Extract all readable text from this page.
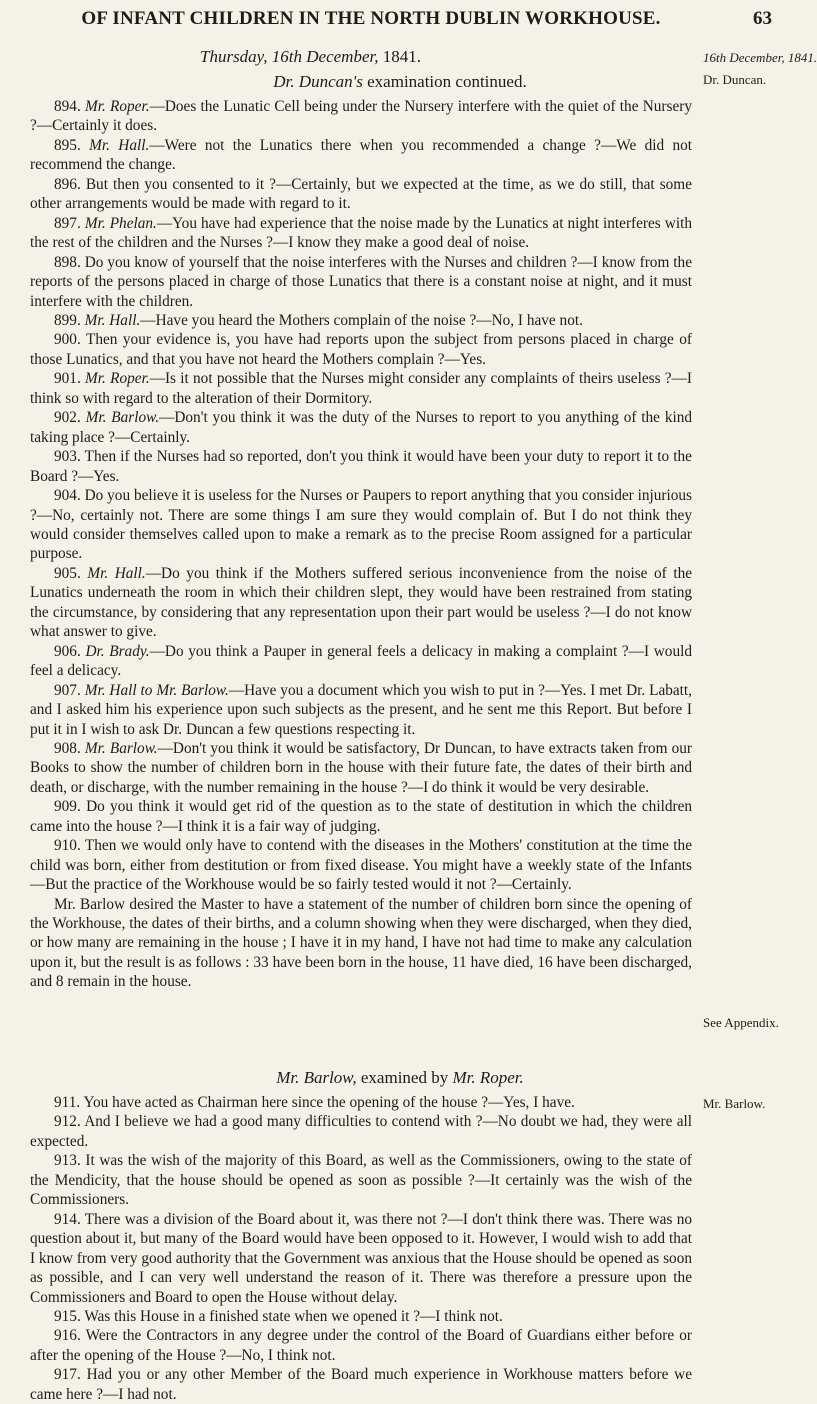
OF INFANT CHILDREN IN THE NORTH DUBLIN WORKHOUSE.	63
Thursday, 16th December, 1841.	16th December, 1841.
Dr. Duncan.
See Appendix.
Mr. Barlow.
Dr. Duncan's examination continued.

894. Mr. Roper.—Does the Lunatic Cell being under the Nursery interfere with the quiet of the Nursery ?—Certainly it does.

895. Mr. Hall.—Were not the Lunatics there when you recommended a change ?—We did not recommend the change.

896. But then you consented to it ?—Certainly, but we expected at the time, as we do still, that some other arrangements would be made with regard to it.

897. Mr. Phelan.—You have had experience that the noise made by the Lunatics at night interferes with the rest of the children and the Nurses ?—I know they make a good deal of noise.

898. Do you know of yourself that the noise interferes with the Nurses and children ?—I know from the reports of the persons placed in charge of those Lunatics that there is a constant noise at night, and it must interfere with the children.

899. Mr. Hall.—Have you heard the Mothers complain of the noise ?—No, I have not.

900. Then your evidence is, you have had reports upon the subject from persons placed in charge of those Lunatics, and that you have not heard the Mothers complain ?—Yes.

901. Mr. Roper.—Is it not possible that the Nurses might consider any complaints of theirs useless ?—I think so with regard to the alteration of their Dormitory.

902. Mr. Barlow.—Don't you think it was the duty of the Nurses to report to you anything of the kind taking place ?—Certainly.

903. Then if the Nurses had so reported, don't you think it would have been your duty to report it to the Board ?—Yes.

904. Do you believe it is useless for the Nurses or Paupers to report anything that you consider injurious ?—No, certainly not. There are some things I am sure they would complain of. But I do not think they would consider themselves called upon to make a remark as to the precise Room assigned for a particular purpose.

905. Mr. Hall.—Do you think if the Mothers suffered serious inconvenience from the noise of the Lunatics underneath the room in which their children slept, they would have been restrained from stating the circumstance, by considering that any representation upon their part would be useless ?—I do not know what answer to give.

906. Dr. Brady.—Do you think a Pauper in general feels a delicacy in making a complaint ?—I would feel a delicacy.

907. Mr. Hall to Mr. Barlow.—Have you a document which you wish to put in ?—Yes. I met Dr. Labatt, and I asked him his experience upon such subjects as the present, and he sent me this Report. But before I put it in I wish to ask Dr. Duncan a few questions respecting it.

908. Mr. Barlow.—Don't you think it would be satisfactory, Dr Duncan, to have extracts taken from our Books to show the number of children born in the house with their future fate, the dates of their birth and death, or discharge, with the number remaining in the house ?—I do think it would be very desirable.

909. Do you think it would get rid of the question as to the state of destitution in which the children came into the house ?—I think it is a fair way of judging.

910. Then we would only have to contend with the diseases in the Mothers' constitution at the time the child was born, either from destitution or from fixed disease. You might have a weekly state of the Infants—But the practice of the Workhouse would be so fairly tested would it not ?—Certainly.

Mr. Barlow desired the Master to have a statement of the number of children born since the opening of the Workhouse, the dates of their births, and a column showing when they were discharged, when they died, or how many are remaining in the house ; I have it in my hand, I have not had time to make any calculation upon it, but the result is as follows : 33 have been born in the house, 11 have died, 16 have been discharged, and 8 remain in the house.

Mr. Barlow, examined by Mr. Roper.

911. You have acted as Chairman here since the opening of the house ?—Yes, I have.

912. And I believe we had a good many difficulties to contend with ?—No doubt we had, they were all expected.

913. It was the wish of the majority of this Board, as well as the Commissioners, owing to the state of the Mendicity, that the house should be opened as soon as possible ?—It certainly was the wish of the Commissioners.

914. There was a division of the Board about it, was there not ?—I don't think there was. There was no question about it, but many of the Board would have been opposed to it. However, I would wish to add that I know from very good authority that the Government was anxious that the House should be opened as soon as possible, and I can very well understand the reason of it. There was therefore a pressure upon the Commissioners and Board to open the House without delay.

915. Was this House in a finished state when we opened it ?—I think not.

916. Were the Contractors in any degree under the control of the Board of Guardians either before or after the opening of the House ?—No, I think not.

917. Had you or any other Member of the Board much experience in Workhouse matters before we came here ?—I had not.
